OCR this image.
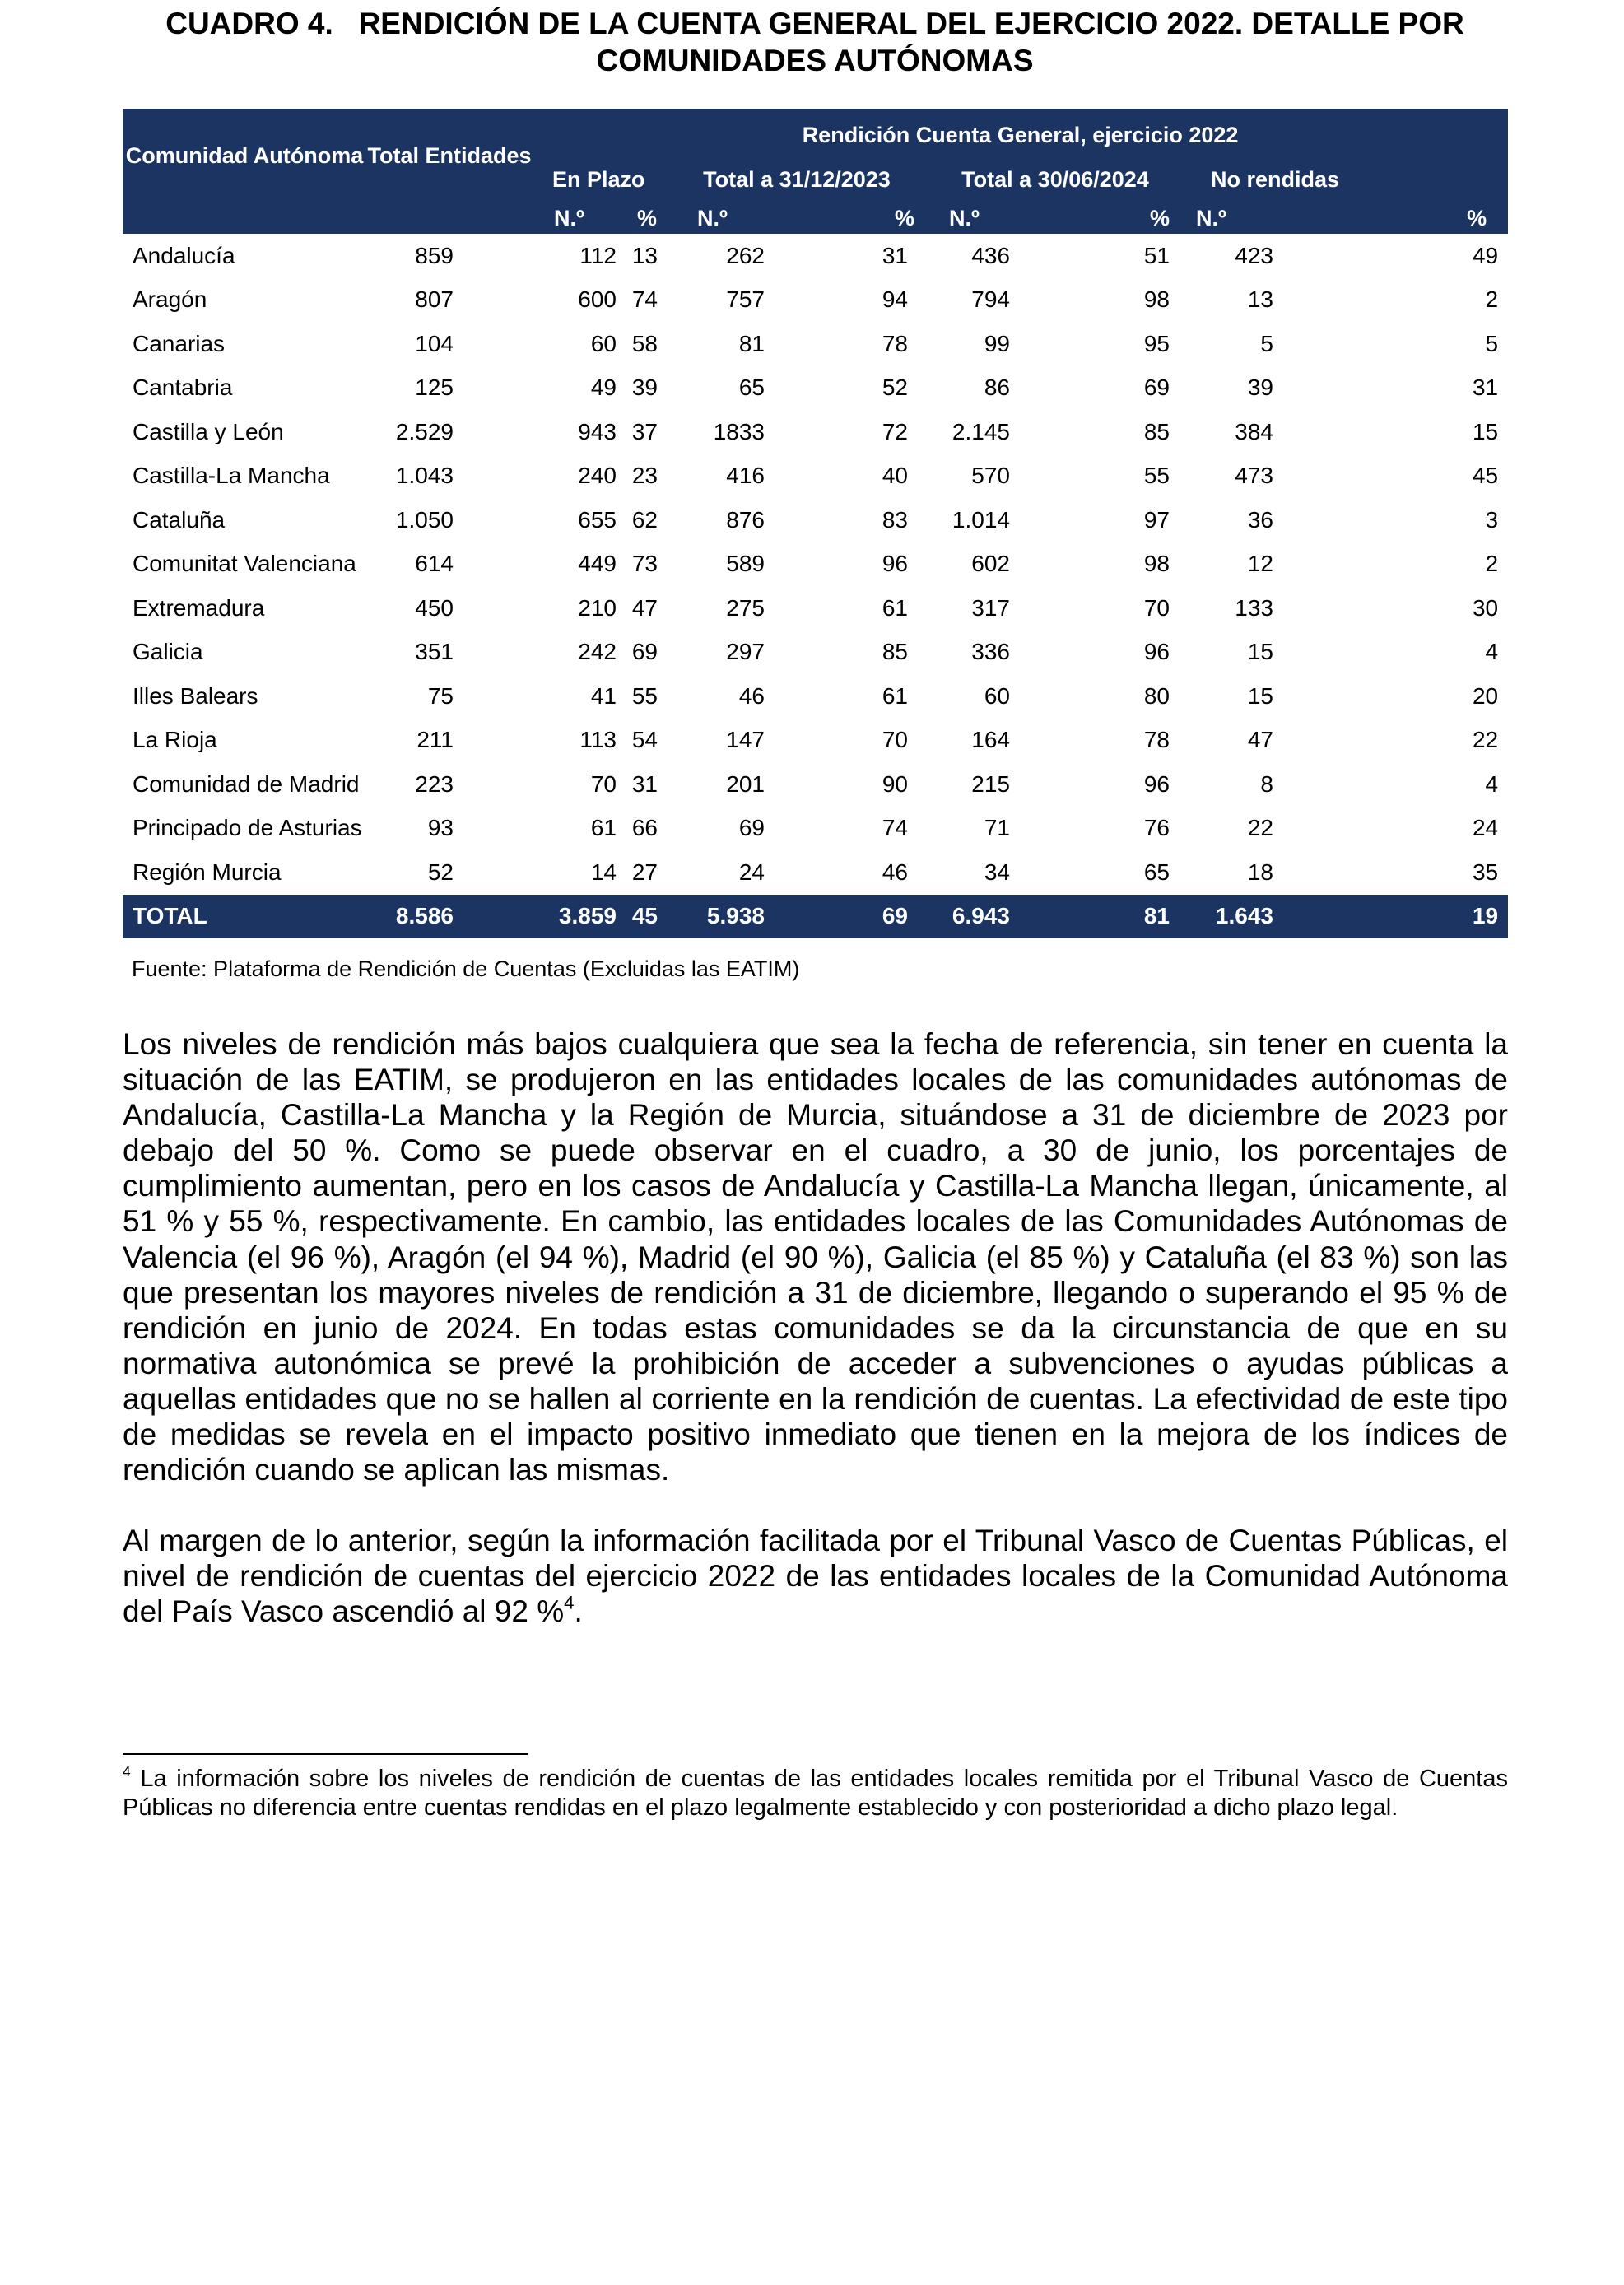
CUADRO 4.   RENDICIÓN DE LA CUENTA GENERAL DEL EJERCICIO 2022. DETALLE POR
COMUNIDADES AUTÓNOMAS
Comunidad Autónoma	Total Entidades	Rendición Cuenta General, ejercicio 2022							
		En Plazo		Total a 31/12/2023		Total a 30/06/2024		No rendidas	
		N.º	%	N.º	%	N.º	%	N.º	%
Andalucía	859	112	13	262	31	436	51	423	49
Aragón	807	600	74	757	94	794	98	13	2
Canarias	104	60	58	81	78	99	95	5	5
Cantabria	125	49	39	65	52	86	69	39	31
Castilla y León	2.529	943	37	1833	72	2.145	85	384	15
Castilla-La Mancha	1.043	240	23	416	40	570	55	473	45
Cataluña	1.050	655	62	876	83	1.014	97	36	3
Comunitat Valenciana	614	449	73	589	96	602	98	12	2
Extremadura	450	210	47	275	61	317	70	133	30
Galicia	351	242	69	297	85	336	96	15	4
Illes Balears	75	41	55	46	61	60	80	15	20
La Rioja	211	113	54	147	70	164	78	47	22
Comunidad de Madrid	223	70	31	201	90	215	96	8	4
Principado de Asturias	93	61	66	69	74	71	76	22	24
Región Murcia	52	14	27	24	46	34	65	18	35
TOTAL	8.586	3.859	45	5.938	69	6.943	81	1.643	19
Fuente: Plataforma de Rendición de Cuentas (Excluidas las EATIM)

Los niveles de rendición más bajos cualquiera que sea la fecha de referencia, sin tener en cuenta la situación de las EATIM, se produjeron en las entidades locales de las comunidades autónomas de Andalucía, Castilla-La Mancha y la Región de Murcia, situándose a 31 de diciembre de 2023 por debajo del 50 %. Como se puede observar en el cuadro, a 30 de junio, los porcentajes de cumplimiento aumentan, pero en los casos de Andalucía y Castilla-La Mancha llegan, únicamente, al 51 % y 55 %, respectivamente. En cambio, las entidades locales de las Comunidades Autónomas de Valencia (el 96 %), Aragón (el 94 %), Madrid (el 90 %), Galicia (el 85 %) y Cataluña (el 83 %) son las que presentan los mayores niveles de rendición a 31 de diciembre, llegando o superando el 95 % de rendición en junio de 2024. En todas estas comunidades se da la circunstancia de que en su normativa autonómica se prevé la prohibición de acceder a subvenciones o ayudas públicas a aquellas entidades que no se hallen al corriente en la rendición de cuentas. La efectividad de este tipo de medidas se revela en el impacto positivo inmediato que tienen en la mejora de los índices de rendición cuando se aplican las mismas.

Al margen de lo anterior, según la información facilitada por el Tribunal Vasco de Cuentas Públicas, el nivel de rendición de cuentas del ejercicio 2022 de las entidades locales de la Comunidad Autónoma del País Vasco ascendió al 92 %$^4$.

$^4$ La información sobre los niveles de rendición de cuentas de las entidades locales remitida por el Tribunal Vasco de Cuentas Públicas no diferencia entre cuentas rendidas en el plazo legalmente establecido y con posterioridad a dicho plazo legal.
